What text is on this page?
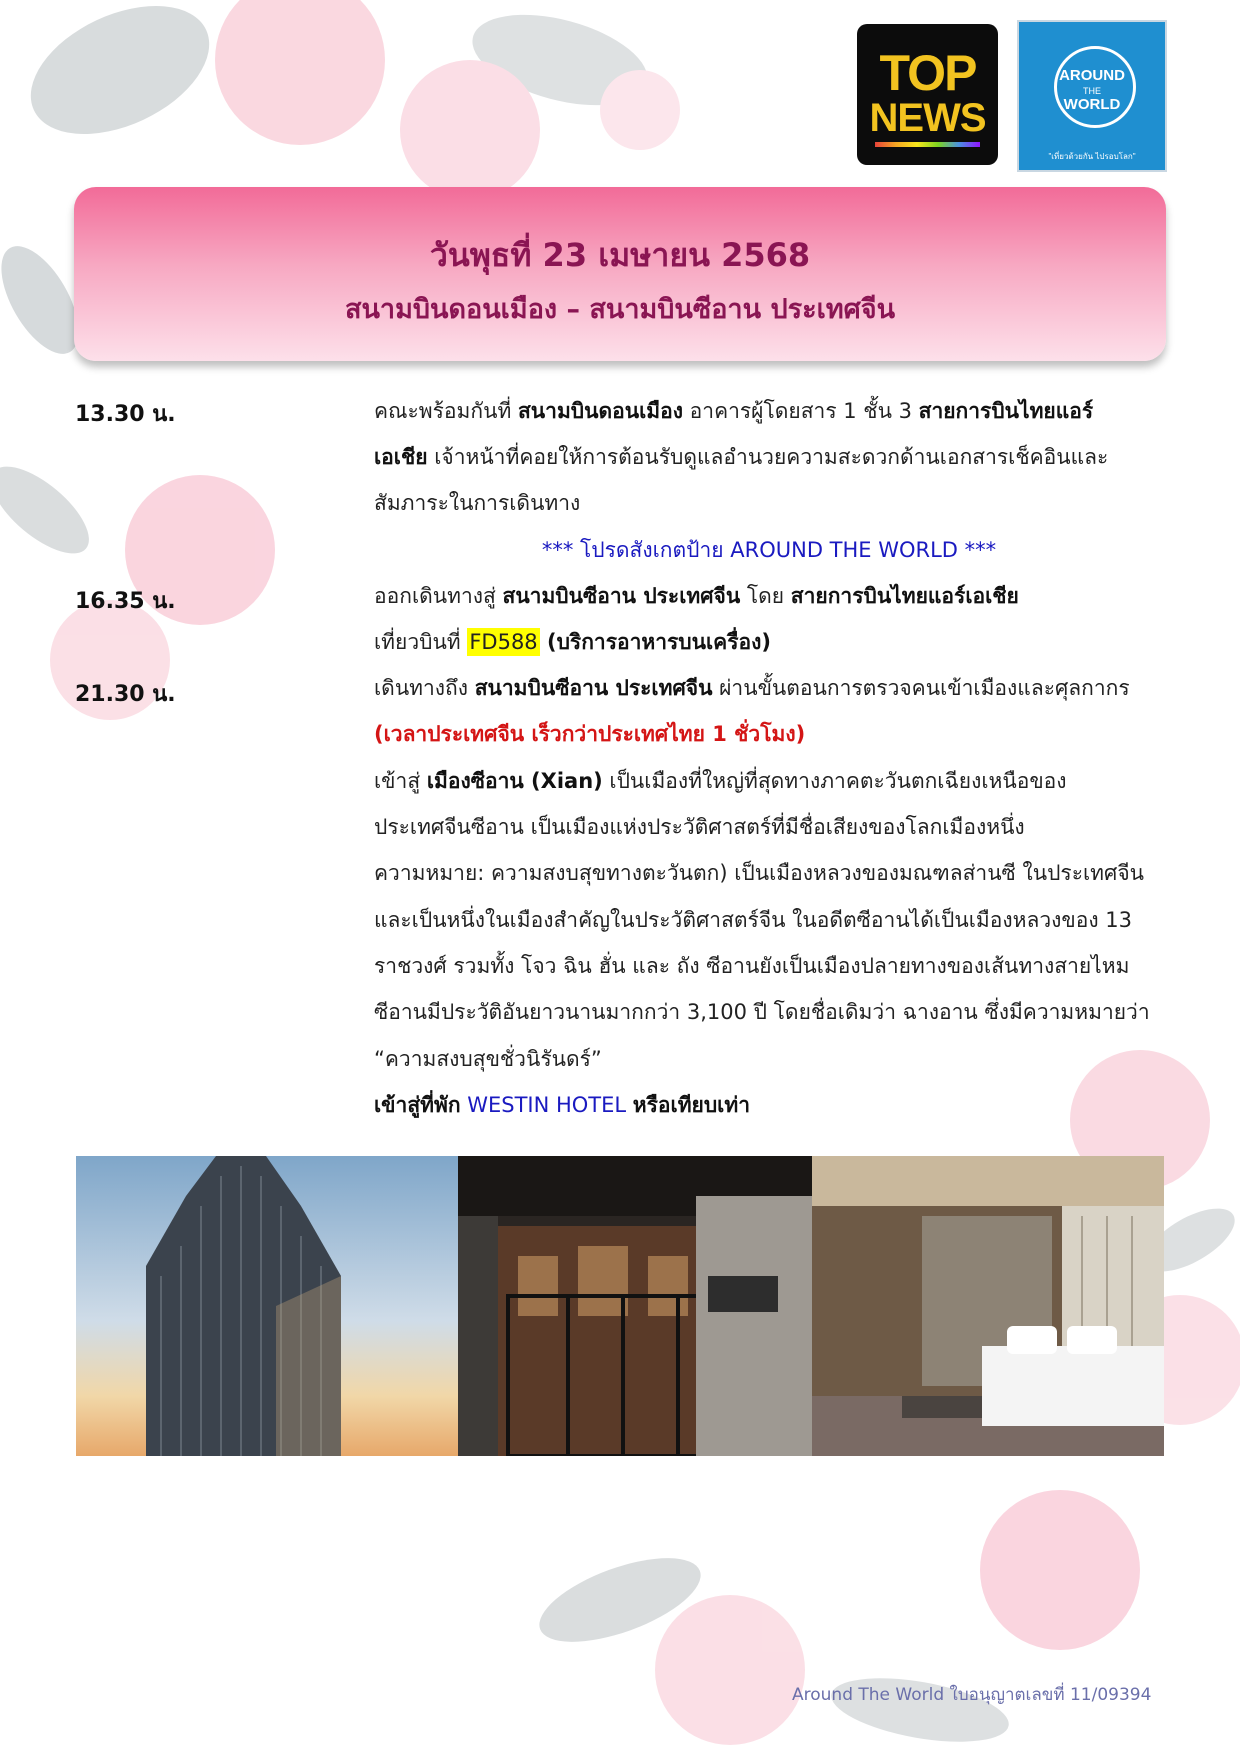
TOP
NEWS
AROUND
THE
WORLD
"เที่ยวด้วยกัน ไปรอบโลก"
วันพุธที่ 23 เมษายน 2568
สนามบินดอนเมือง – สนามบินซีอาน ประเทศจีน
13.30 น.
16.35 น.
21.30 น.
คณะพร้อมกันที่ สนามบินดอนเมือง อาคารผู้โดยสาร 1 ชั้น 3 สายการบินไทยแอร์
เอเชีย เจ้าหน้าที่คอยให้การต้อนรับดูแลอำนวยความสะดวกด้านเอกสารเช็คอินและ
สัมภาระในการเดินทาง
*** โปรดสังเกตป้าย AROUND THE WORLD ***
ออกเดินทางสู่ สนามบินซีอาน ประเทศจีน โดย สายการบินไทยแอร์เอเชีย
เที่ยวบินที่ FD588 (บริการอาหารบนเครื่อง)
เดินทางถึง สนามบินซีอาน ประเทศจีน ผ่านขั้นตอนการตรวจคนเข้าเมืองและศุลกากร
(เวลาประเทศจีน เร็วกว่าประเทศไทย 1 ชั่วโมง)
เข้าสู่ เมืองซีอาน (Xian) เป็นเมืองที่ใหญ่ที่สุดทางภาคตะวันตกเฉียงเหนือของ
ประเทศจีนซีอาน เป็นเมืองแห่งประวัติศาสตร์ที่มีชื่อเสียงของโลกเมืองหนึ่ง
ความหมาย: ความสงบสุขทางตะวันตก) เป็นเมืองหลวงของมณฑลส่านซี ในประเทศจีน
และเป็นหนึ่งในเมืองสำคัญในประวัติศาสตร์จีน ในอดีตซีอานได้เป็นเมืองหลวงของ 13
ราชวงศ์ รวมทั้ง โจว ฉิน ฮั่น และ ถัง ซีอานยังเป็นเมืองปลายทางของเส้นทางสายไหม
ซีอานมีประวัติอันยาวนานมากกว่า 3,100 ปี โดยชื่อเดิมว่า ฉางอาน ซึ่งมีความหมายว่า
“ความสงบสุขชั่วนิรันดร์”
เข้าสู่ที่พัก WESTIN HOTEL หรือเทียบเท่า
Around The World ใบอนุญาตเลขที่ 11/09394
